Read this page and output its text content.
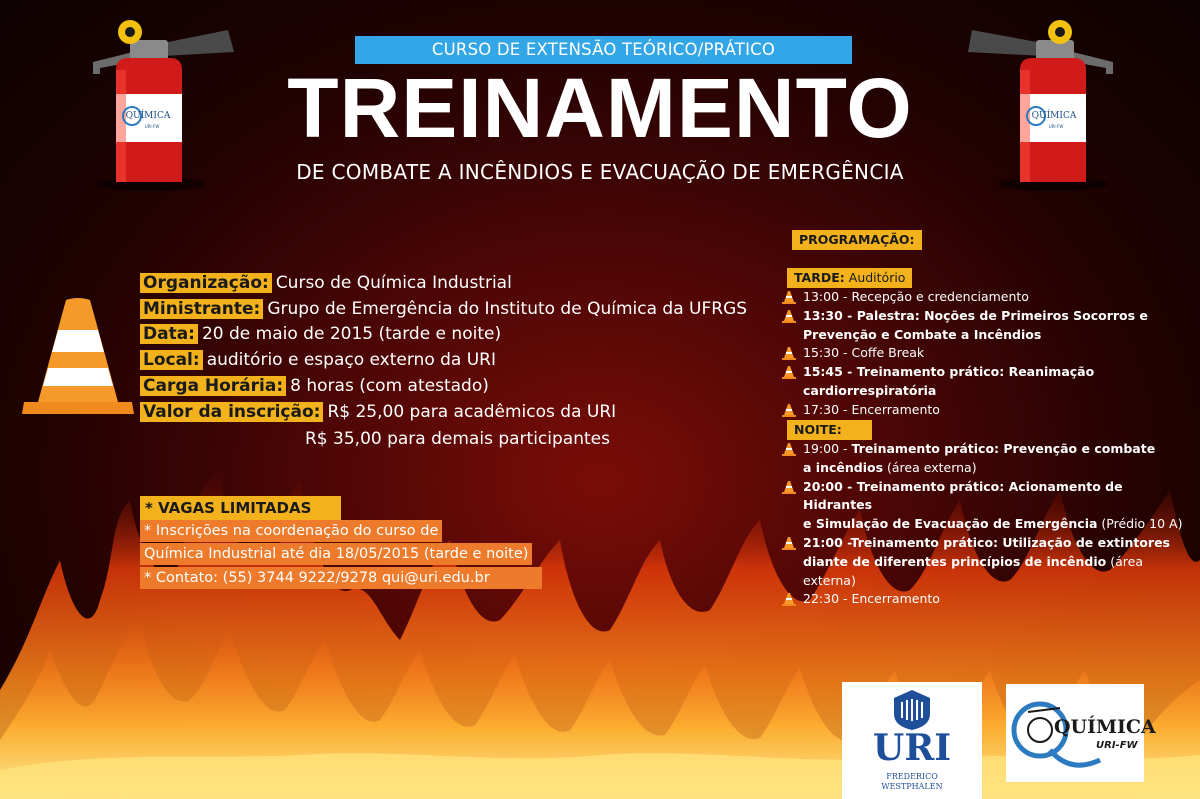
QUÍMICA
URI-FW
QUÍMICA
URI-FW
CURSO DE EXTENSÃO TEÓRICO/PRÁTICO
TREINAMENTO
DE COMBATE A INCÊNDIOS E EVACUAÇÃO DE EMERGÊNCIA
Organização: Curso de Química Industrial
Ministrante: Grupo de Emergência do Instituto de Química da UFRGS
Data: 20 de maio de 2015 (tarde e noite)
Local: auditório e espaço externo da URI
Carga Horária: 8 horas (com atestado)
Valor da inscrição: R$ 25,00 para acadêmicos da URI
R$ 35,00 para demais participantes
* VAGAS LIMITADAS
* Inscrições na coordenação do curso de
Química Industrial até dia 18/05/2015 (tarde e noite)
* Contato: (55) 3744 9222/9278 qui@uri.edu.br
PROGRAMAÇÃO:
TARDE: Auditório
13:00 - Recepção e credenciamento
13:30 - Palestra: Noções de Primeiros Socorros e
Prevenção e Combate a Incêndios
15:30 - Coffe Break
15:45 - Treinamento prático: Reanimação cardiorrespiratória
17:30 - Encerramento
NOITE:
19:00 - Treinamento prático: Prevenção e combate
a incêndios (área externa)
20:00 - Treinamento prático: Acionamento de Hidrantes
e Simulação de Evacuação de Emergência (Prédio 10 A)
21:00 -Treinamento prático: Utilização de extintores
diante de diferentes princípios de incêndio (área externa)
22:30 - Encerramento
URI
FREDERICO
WESTPHALEN
QUÍMICA
URI-FW
